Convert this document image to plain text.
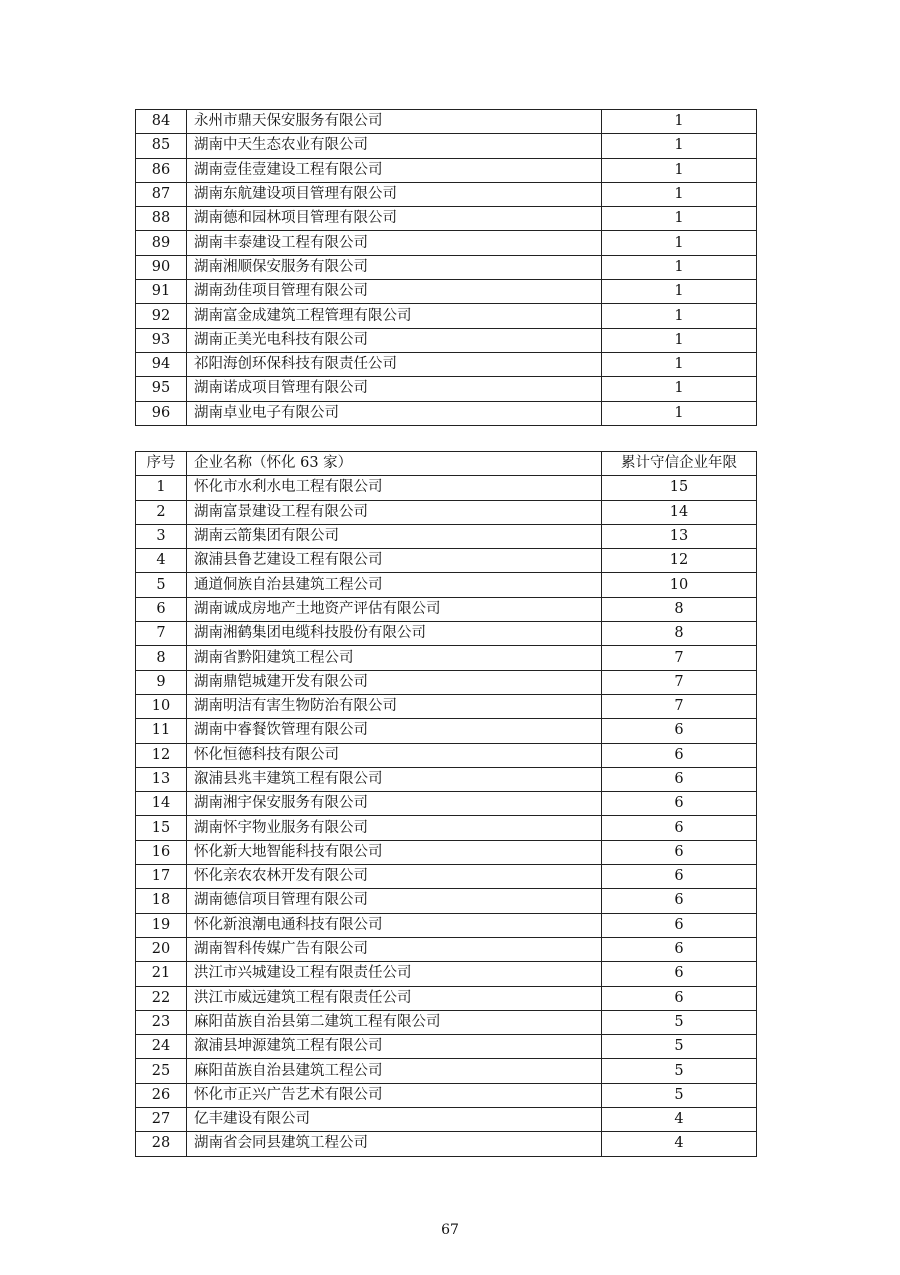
84	永州市鼎天保安服务有限公司	1
85	湖南中天生态农业有限公司	1
86	湖南壹佳壹建设工程有限公司	1
87	湖南东航建设项目管理有限公司	1
88	湖南德和园林项目管理有限公司	1
89	湖南丰泰建设工程有限公司	1
90	湖南湘顺保安服务有限公司	1
91	湖南劲佳项目管理有限公司	1
92	湖南富金成建筑工程管理有限公司	1
93	湖南正美光电科技有限公司	1
94	祁阳海创环保科技有限责任公司	1
95	湖南诺成项目管理有限公司	1
96	湖南卓业电子有限公司	1
序号	企业名称（怀化 63 家）	累计守信企业年限
1	怀化市水利水电工程有限公司	15
2	湖南富景建设工程有限公司	14
3	湖南云箭集团有限公司	13
4	溆浦县鲁艺建设工程有限公司	12
5	通道侗族自治县建筑工程公司	10
6	湖南诚成房地产土地资产评估有限公司	8
7	湖南湘鹤集团电缆科技股份有限公司	8
8	湖南省黔阳建筑工程公司	7
9	湖南鼎铠城建开发有限公司	7
10	湖南明洁有害生物防治有限公司	7
11	湖南中睿餐饮管理有限公司	6
12	怀化恒德科技有限公司	6
13	溆浦县兆丰建筑工程有限公司	6
14	湖南湘宇保安服务有限公司	6
15	湖南怀宇物业服务有限公司	6
16	怀化新大地智能科技有限公司	6
17	怀化亲农农林开发有限公司	6
18	湖南德信项目管理有限公司	6
19	怀化新浪潮电通科技有限公司	6
20	湖南智科传媒广告有限公司	6
21	洪江市兴城建设工程有限责任公司	6
22	洪江市威远建筑工程有限责任公司	6
23	麻阳苗族自治县第二建筑工程有限公司	5
24	溆浦县坤源建筑工程有限公司	5
25	麻阳苗族自治县建筑工程公司	5
26	怀化市正兴广告艺术有限公司	5
27	亿丰建设有限公司	4
28	湖南省会同县建筑工程公司	4
67
